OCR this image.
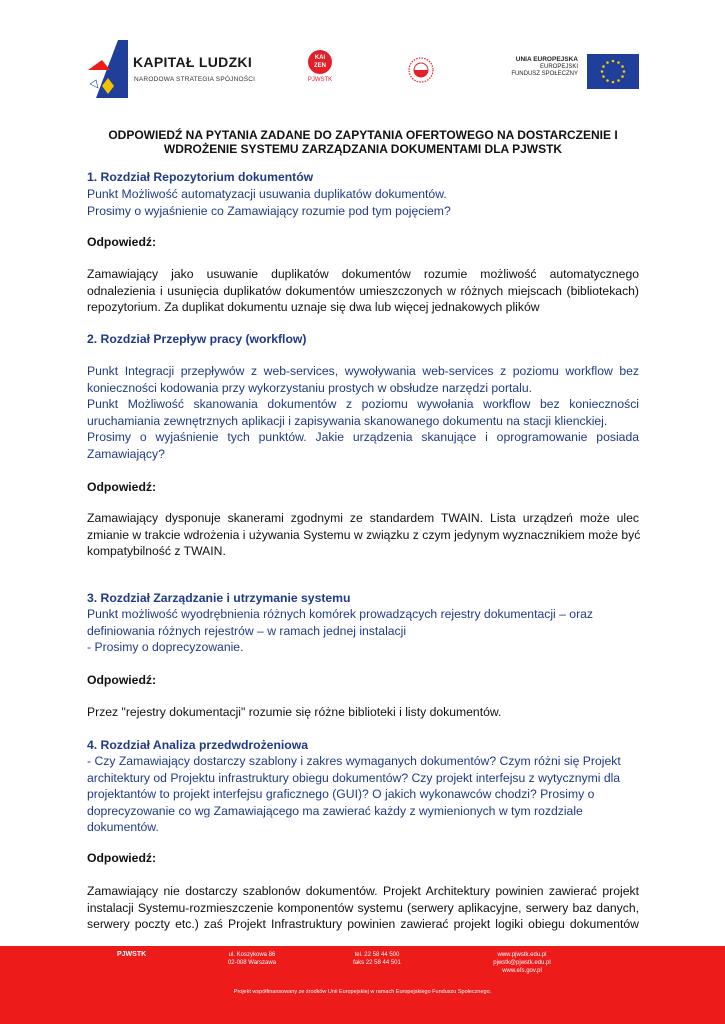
KAPITAŁ LUDZKI
NARODOWA STRATEGIA SPÓJNOŚCI
KAI
ZEN
PJWSTK
UNIA EUROPEJSKA
EUROPEJSKI
FUNDUSZ SPOŁECZNY
ODPOWIEDŹ NA PYTANIA ZADANE DO ZAPYTANIA OFERTOWEGO NA DOSTARCZENIE I
WDROŻENIE SYSTEMU ZARZĄDZANIA DOKUMENTAMI DLA PJWSTK
1. Rozdział Repozytorium dokumentów
Punkt Możliwość automatyzacji usuwania duplikatów dokumentów.
Prosimy o wyjaśnienie co Zamawiający rozumie pod tym pojęciem?
Odpowiedź:
Zamawiający jako usuwanie duplikatów dokumentów rozumie możliwość automatycznego
odnalezienia i usunięcia duplikatów dokumentów umieszczonych w różnych miejscach (bibliotekach)
repozytorium. Za duplikat dokumentu uznaje się dwa lub więcej jednakowych plików
2. Rozdział Przepływ pracy (workflow)
Punkt Integracji przepływów z web-services, wywoływania web-services z poziomu workflow bez
konieczności kodowania przy wykorzystaniu prostych w obsłudze narzędzi portalu.
Punkt Możliwość skanowania dokumentów z poziomu wywołania workflow bez konieczności
uruchamiania zewnętrznych aplikacji i zapisywania skanowanego dokumentu na stacji klienckiej.
Prosimy o wyjaśnienie tych punktów. Jakie urządzenia skanujące i oprogramowanie posiada
Zamawiający?
Odpowiedź:
Zamawiający dysponuje skanerami zgodnymi ze standardem TWAIN. Lista urządzeń może ulec
zmianie w trakcie wdrożenia i używania Systemu w związku z czym jedynym wyznacznikiem może być
kompatybilność z TWAIN.
3. Rozdział Zarządzanie i utrzymanie systemu
Punkt możliwość wyodrębnienia różnych komórek prowadzących rejestry dokumentacji – oraz
definiowania różnych rejestrów – w ramach jednej instalacji
- Prosimy o doprecyzowanie.
Odpowiedź:
Przez "rejestry dokumentacji" rozumie się różne biblioteki i listy dokumentów.
4. Rozdział Analiza przedwdrożeniowa
- Czy Zamawiający dostarczy szablony i zakres wymaganych dokumentów? Czym różni się Projekt
architektury od Projektu infrastruktury obiegu dokumentów? Czy projekt interfejsu z wytycznymi dla
projektantów to projekt interfejsu graficznego (GUI)? O jakich wykonawców chodzi? Prosimy o
doprecyzowanie co wg Zamawiającego ma zawierać każdy z wymienionych w tym rozdziale
dokumentów.
Odpowiedź:
Zamawiający nie dostarczy szablonów dokumentów. Projekt Architektury powinien zawierać projekt
instalacji Systemu-rozmieszczenie komponentów systemu (serwery aplikacyjne, serwery baz danych,
serwery poczty etc.) zaś Projekt Infrastruktury powinien zawierać projekt logiki obiegu dokumentów
PJWSTK	ul. Koszykowa 86
02-008 Warszawa
tel. 22 58 44 500
faks 22 58 44 501
www.pjwstk.edu.pl
pjwstk@pjwstk.edu.pl
www.efs.gov.pl
Projekt współfinansowany ze środków Unii Europejskiej w ramach Europejskiego Funduszu Społecznego.
